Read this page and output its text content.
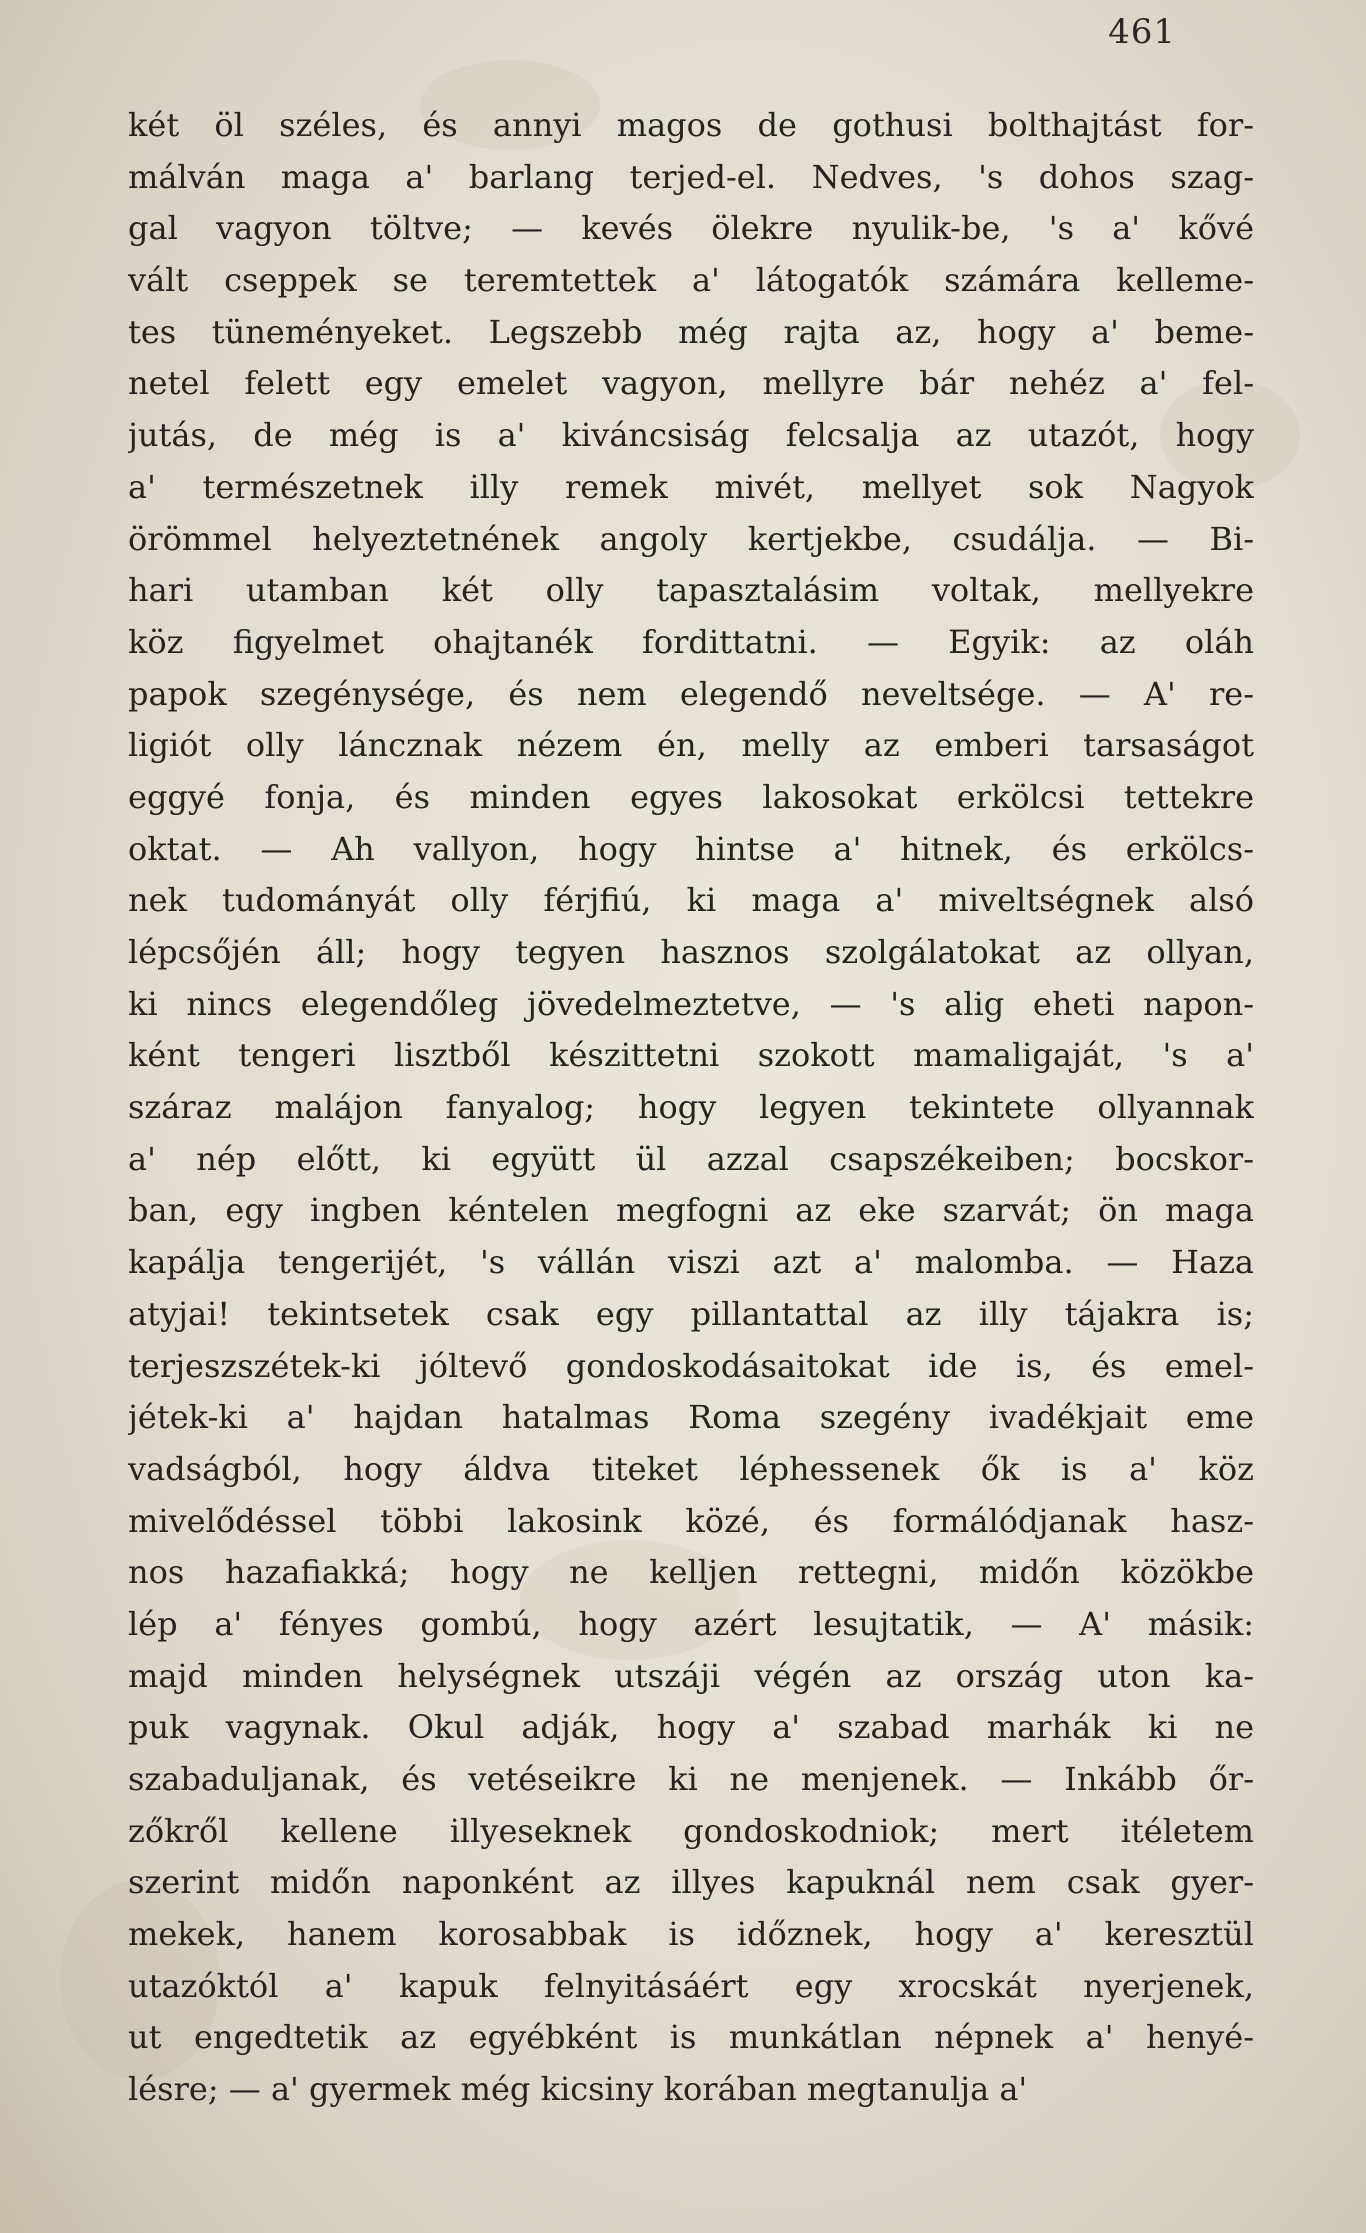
461
két öl széles, és annyi magos de gothusi bolthajtást for-
málván maga a' barlang terjed-el. Nedves, 's dohos szag-
gal vagyon töltve; — kevés ölekre nyulik-be, 's a' kővé
vált cseppek se teremtettek a' látogatók számára kelleme-
tes tüneményeket. Legszebb még rajta az, hogy a' beme-
netel felett egy emelet vagyon, mellyre bár nehéz a' fel-
jutás, de még is a' kiváncsiság felcsalja az utazót, hogy
a' természetnek illy remek mivét, mellyet sok Nagyok
örömmel helyeztetnének angoly kertjekbe, csudálja. — Bi-
hari utamban két olly tapasztalásim voltak, mellyekre
köz figyelmet ohajtanék fordittatni. — Egyik: az oláh
papok szegénysége, és nem elegendő neveltsége. — A' re-
ligiót olly láncznak nézem én, melly az emberi tarsaságot
eggyé fonja, és minden egyes lakosokat erkölcsi tettekre
oktat. — Ah vallyon, hogy hintse a' hitnek, és erkölcs-
nek tudományát olly férjfiú, ki maga a' miveltségnek alsó
lépcsőjén áll; hogy tegyen hasznos szolgálatokat az ollyan,
ki nincs elegendőleg jövedelmeztetve, — 's alig eheti napon-
ként tengeri lisztből készittetni szokott mamaligaját, 's a'
száraz malájon fanyalog; hogy legyen tekintete ollyannak
a' nép előtt, ki együtt ül azzal csapszékeiben; bocskor-
ban, egy ingben kéntelen megfogni az eke szarvát; ön maga
kapálja tengerijét, 's vállán viszi azt a' malomba. — Haza
atyjai! tekintsetek csak egy pillantattal az illy tájakra is;
terjeszszétek-ki jóltevő gondoskodásaitokat ide is, és emel-
jétek-ki a' hajdan hatalmas Roma szegény ivadékjait eme
vadságból, hogy áldva titeket léphessenek ők is a' köz
mivelődéssel többi lakosink közé, és formálódjanak hasz-
nos hazafiakká; hogy ne kelljen rettegni, midőn közökbe
lép a' fényes gombú, hogy azért lesujtatik, — A' másik:
majd minden helységnek utszáji végén az ország uton ka-
puk vagynak. Okul adják, hogy a' szabad marhák ki ne
szabaduljanak, és vetéseikre ki ne menjenek. — Inkább őr-
zőkről kellene illyeseknek gondoskodniok; mert itéletem
szerint midőn naponként az illyes kapuknál nem csak gyer-
mekek, hanem korosabbak is időznek, hogy a' keresztül
utazóktól a' kapuk felnyitásáért egy xrocskát nyerjenek,
ut engedtetik az egyébként is munkátlan népnek a' henyé-
lésre; — a' gyermek még kicsiny korában megtanulja a'
